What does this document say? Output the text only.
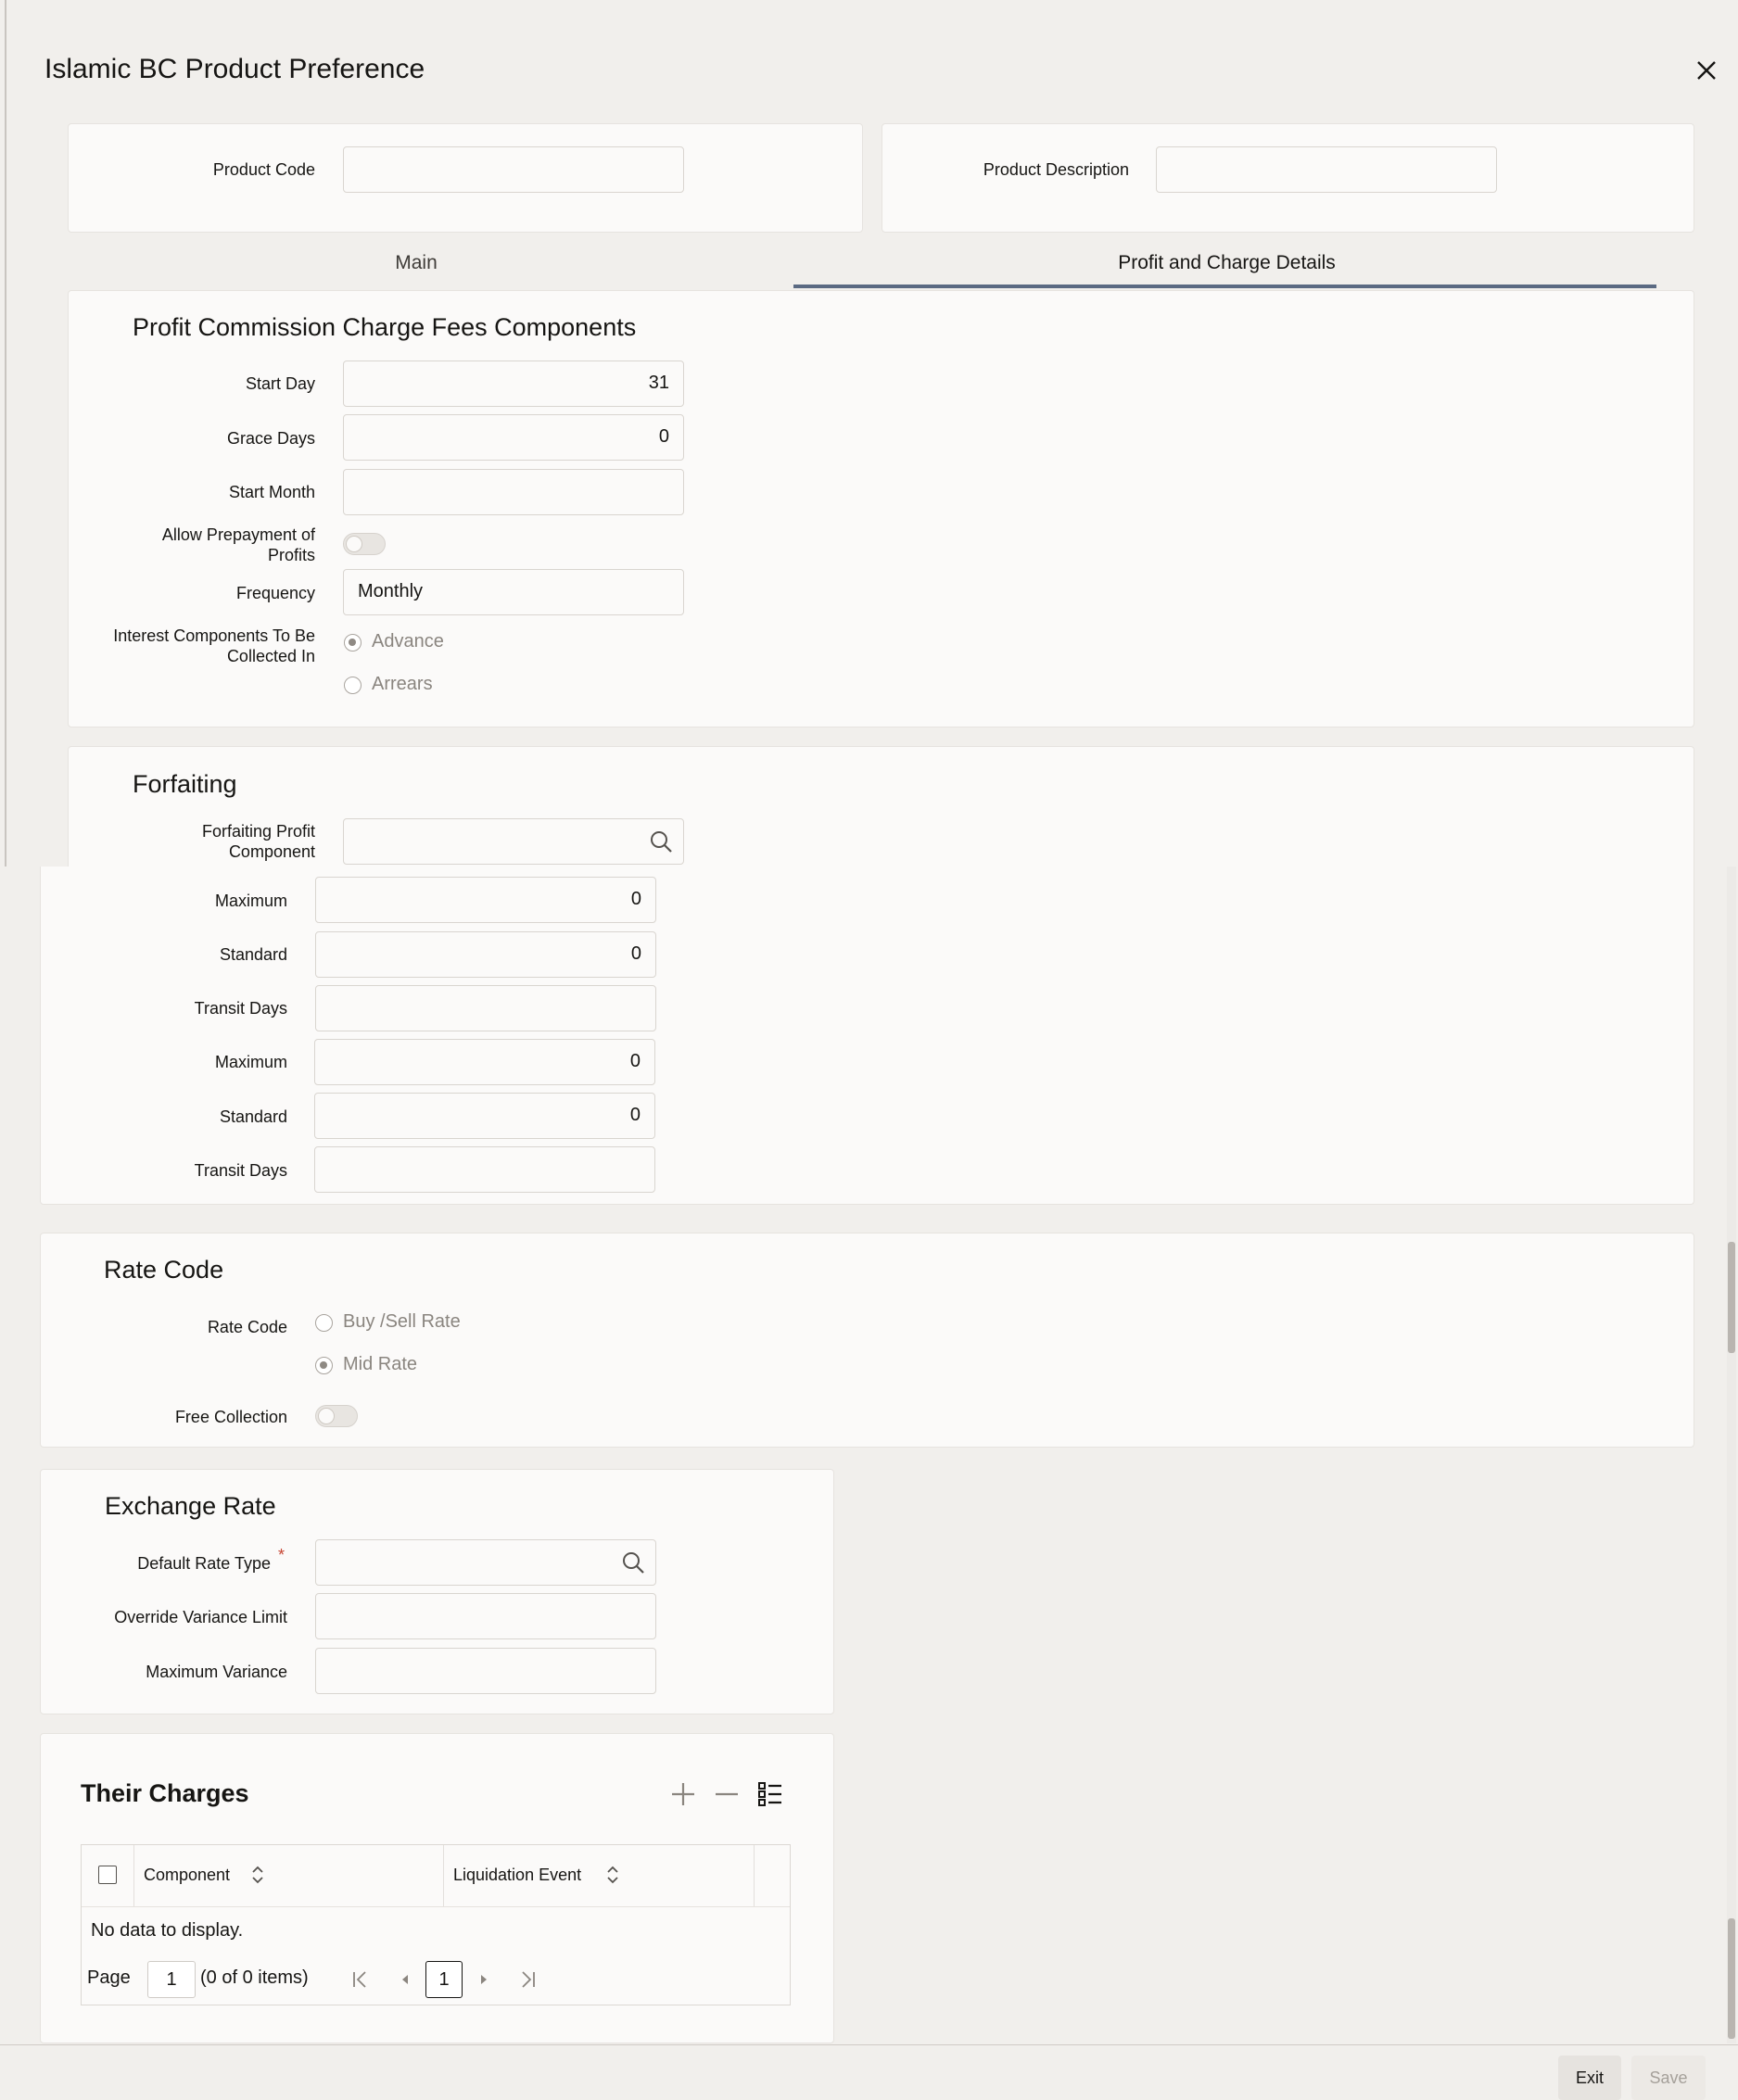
Islamic BC Product Preference
Product Code	Product Description
Main	Profit and Charge Details
Profit Commission Charge Fees Components
Start Day	31
Grace Days	0
Start Month
Allow Prepayment of
Profits
Frequency Monthly
Interest Components To Be
Collected In
Advance
Arrears
Forfaiting
Forfaiting Profit
Component
Maximum	0
Standard	0
Transit Days
Maximum	0
Standard	0
Transit Days
Rate Code
Rate Code	Buy /Sell Rate
Mid Rate
Free Collection
Exchange Rate
Default Rate Type *
Override Variance Limit
Maximum Variance
Their Charges
Component	Liquidation Event
No data to display.
Page	1	(0 of 0 items)	1
Exit	Save
